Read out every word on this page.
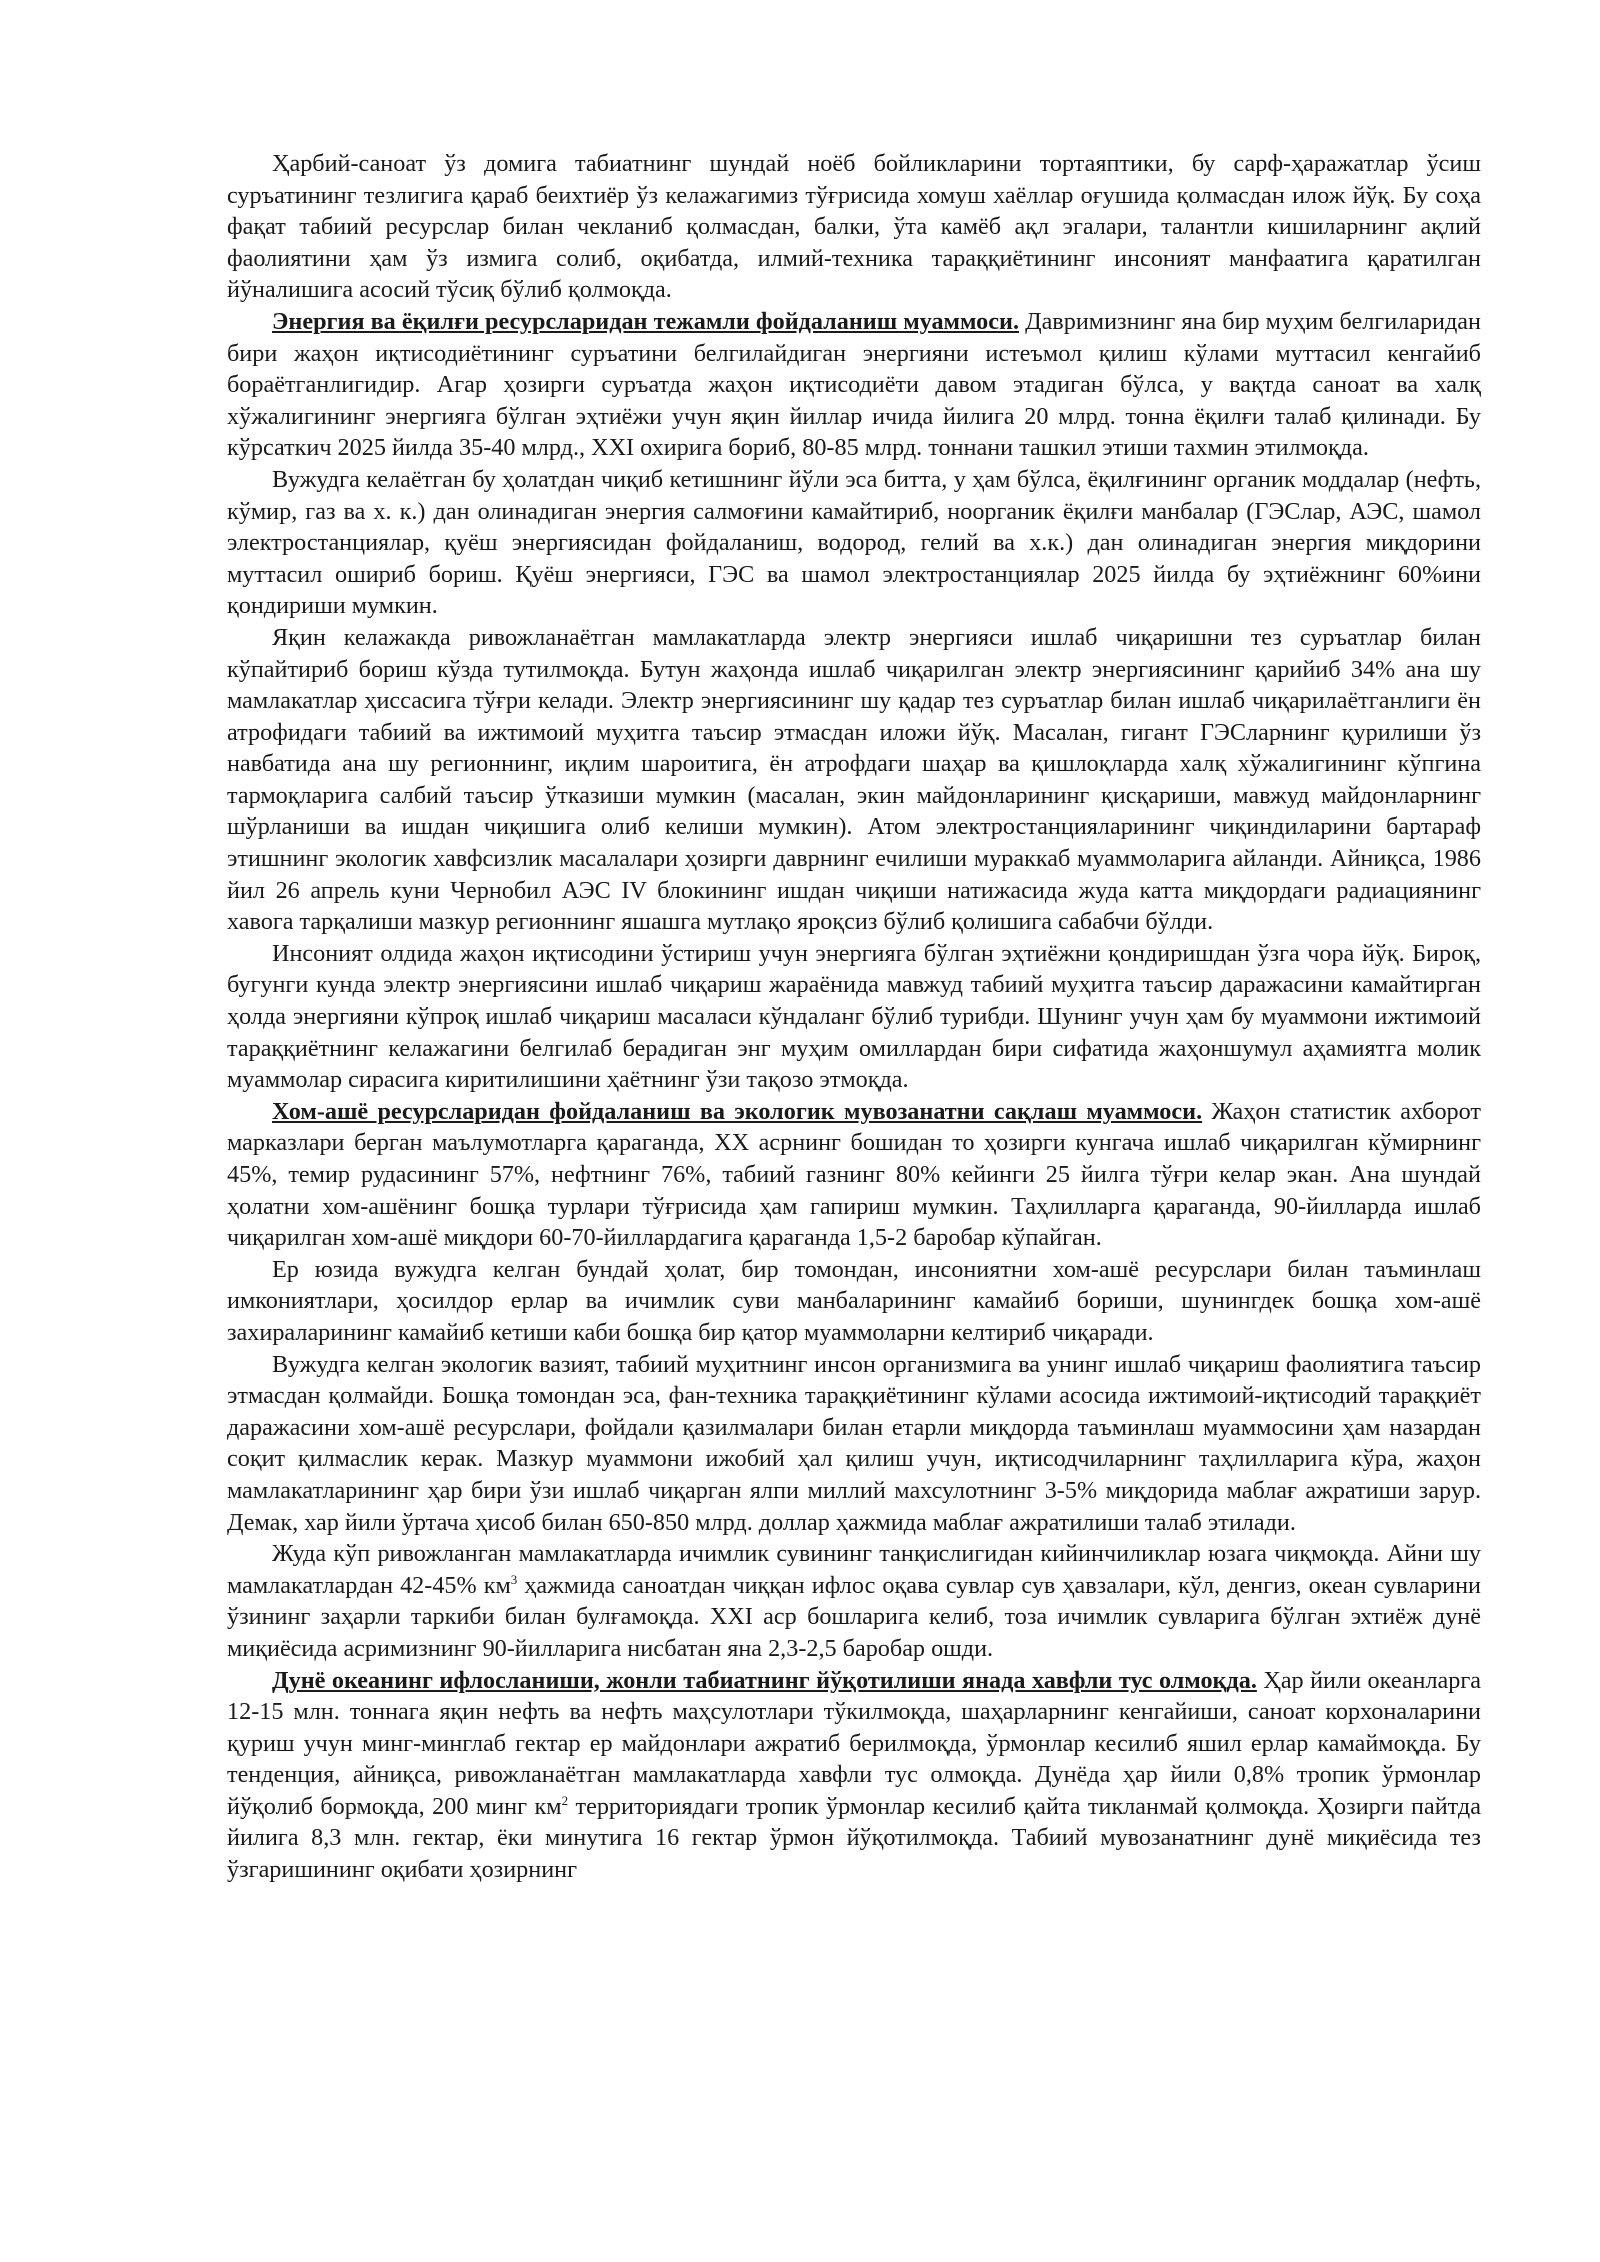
Ҳарбий-саноат ўз домига табиатнинг шундай ноёб бойликларини тортаяптики, бу сарф-ҳаражатлар ўсиш суръатининг тезлигига қараб беихтиёр ўз келажагимиз тўғрисида хомуш хаёллар оғушида қолмасдан илож йўқ. Бу соҳа фақат табиий ресурслар билан чекланиб қолмасдан, балки, ўта камёб ақл эгалари, талантли кишиларнинг ақлий фаолиятини ҳам ўз измига солиб, оқибатда, илмий-техника тараққиётининг инсоният манфаатига қаратилган йўналишига асосий тўсиқ бўлиб қолмоқда.

Энергия ва ёқилғи ресурсларидан тежамли фойдаланиш муаммоси. Давримизнинг яна бир муҳим белгиларидан бири жаҳон иқтисодиётининг суръатини белгилайдиган энергияни истеъмол қилиш кўлами муттасил кенгайиб бораётганлигидир. Агар ҳозирги суръатда жаҳон иқтисодиёти давом этадиган бўлса, у вақтда саноат ва халқ хўжалигининг энергияга бўлган эҳтиёжи учун яқин йиллар ичида йилига 20 млрд. тонна ёқилғи талаб қилинади. Бу кўрсаткич 2025 йилда 35-40 млрд., XXI охирига бориб, 80-85 млрд. тоннани ташкил этиши тахмин этилмоқда.

Вужудга келаётган бу ҳолатдан чиқиб кетишнинг йўли эса битта, у ҳам бўлса, ёқилғининг органик моддалар (нефть, кўмир, газ ва х. к.) дан олинадиган энергия салмоғини камайтириб, ноорганик ёқилғи манбалар (ГЭСлар, АЭС, шамол электростанциялар, қуёш энергиясидан фойдаланиш, водород, гелий ва х.к.) дан олинадиган энергия миқдорини муттасил ошириб бориш. Қуёш энергияси, ГЭС ва шамол электростанциялар 2025 йилда бу эҳтиёжнинг 60%ини қондириши мумкин.

Яқин келажакда ривожланаётган мамлакатларда электр энергияси ишлаб чиқаришни тез суръатлар билан кўпайтириб бориш кўзда тутилмоқда. Бутун жаҳонда ишлаб чиқарилган электр энергиясининг қарийиб 34% ана шу мамлакатлар ҳиссасига тўғри келади. Электр энергиясининг шу қадар тез суръатлар билан ишлаб чиқарилаётганлиги ён атрофидаги табиий ва ижтимоий муҳитга таъсир этмасдан иложи йўқ. Масалан, гигант ГЭСларнинг қурилиши ўз навбатида ана шу регионнинг, иқлим шароитига, ён атрофдаги шаҳар ва қишлоқларда халқ хўжалигининг кўпгина тармоқларига салбий таъсир ўтказиши мумкин (масалан, экин майдонларининг қисқариши, мавжуд майдонларнинг шўрланиши ва ишдан чиқишига олиб келиши мумкин). Атом электростанцияларининг чиқиндиларини бартараф этишнинг экологик хавфсизлик масалалари ҳозирги даврнинг ечилиши мураккаб муаммоларига айланди. Айниқса, 1986 йил 26 апрель куни Чернобил АЭС IV блокининг ишдан чиқиши натижасида жуда катта миқдордаги радиациянинг хавога тарқалиши мазкур регионнинг яшашга мутлақо яроқсиз бўлиб қолишига сабабчи бўлди.

Инсоният олдида жаҳон иқтисодини ўстириш учун энергияга бўлган эҳтиёжни қондиришдан ўзга чора йўқ. Бироқ, бугунги кунда электр энергиясини ишлаб чиқариш жараёнида мавжуд табиий муҳитга таъсир даражасини камайтирган ҳолда энергияни кўпроқ ишлаб чиқариш масаласи кўндаланг бўлиб турибди. Шунинг учун ҳам бу муаммони ижтимоий тараққиётнинг келажагини белгилаб берадиган энг муҳим омиллардан бири сифатида жаҳоншумул аҳамиятга молик муаммолар сирасига киритилишини ҳаётнинг ўзи тақозо этмоқда.

Хом-ашё ресурсларидан фойдаланиш ва экологик мувозанатни сақлаш муаммоси. Жаҳон статистик ахборот марказлари берган маълумотларга қараганда, XX асрнинг бошидан то ҳозирги кунгача ишлаб чиқарилган кўмирнинг 45%, темир рудасининг 57%, нефтнинг 76%, табиий газнинг 80% кейинги 25 йилга тўғри келар экан. Ана шундай ҳолатни хом-ашёнинг бошқа турлари тўғрисида ҳам гапириш мумкин. Таҳлилларга қараганда, 90-йилларда ишлаб чиқарилган хом-ашё миқдори 60-70-йиллардагига қараганда 1,5-2 баробар кўпайган.

Ер юзида вужудга келган бундай ҳолат, бир томондан, инсониятни хом-ашё ресурслари билан таъминлаш имкониятлари, ҳосилдор ерлар ва ичимлик суви манбаларининг камайиб бориши, шунингдек бошқа хом-ашё захираларининг камайиб кетиши каби бошқа бир қатор муаммоларни келтириб чиқаради.

Вужудга келган экологик вазият, табиий муҳитнинг инсон организмига ва унинг ишлаб чиқариш фаолиятига таъсир этмасдан қолмайди. Бошқа томондан эса, фан-техника тараққиётининг кўлами асосида ижтимоий-иқтисодий тараққиёт даражасини хом-ашё ресурслари, фойдали қазилмалари билан етарли миқдорда таъминлаш муаммосини ҳам назардан соқит қилмаслик керак. Мазкур муаммони ижобий ҳал қилиш учун, иқтисодчиларнинг таҳлилларига кўра, жаҳон мамлакатларининг ҳар бири ўзи ишлаб чиқарган ялпи миллий махсулотнинг 3-5% миқдорида маблағ ажратиши зарур. Демак, хар йили ўртача ҳисоб билан 650-850 млрд. доллар ҳажмида маблағ ажратилиши талаб этилади.

Жуда кўп ривожланган мамлакатларда ичимлик сувининг танқислигидан кийинчиликлар юзага чиқмоқда. Айни шу мамлакатлардан 42-45% $км^3$ ҳажмида саноатдан чиққан ифлос оқава сувлар сув ҳавзалари, кўл, денгиз, океан сувларини ўзининг заҳарли таркиби билан булғамоқда. XXI аср бошларига келиб, тоза ичимлик сувларига бўлган эхтиёж дунё миқиёсида асримизнинг 90-йилларига нисбатан яна 2,3-2,5 баробар ошди.

Дунё океанинг ифлосланиши, жонли табиатнинг йўқотилиши янада хавфли тус олмоқда. Ҳар йили океанларга 12-15 млн. тоннага яқин нефть ва нефть маҳсулотлари тўкилмоқда, шаҳарларнинг кенгайиши, саноат корхоналарини қуриш учун минг-минглаб гектар ер майдонлари ажратиб берилмоқда, ўрмонлар кесилиб яшил ерлар камаймоқда. Бу тенденция, айниқса, ривожланаётган мамлакатларда хавфли тус олмоқда. Дунёда ҳар йили 0,8% тропик ўрмонлар йўқолиб бормоқда, 200 минг $км^2$ территориядаги тропик ўрмонлар кесилиб қайта тикланмай қолмоқда. Ҳозирги пайтда йилига 8,3 млн. гектар, ёки минутига 16 гектар ўрмон йўқотилмоқда. Табиий мувозанатнинг дунё миқиёсида тез ўзгаришининг оқибати ҳозирнинг
